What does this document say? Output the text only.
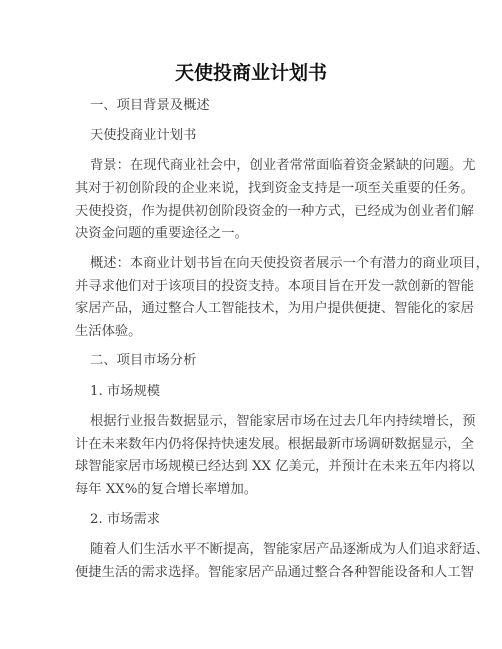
天使投商业计划书
一、项目背景及概述
天使投商业计划书
背景：在现代商业社会中，创业者常常面临着资金紧缺的问题。尤
其对于初创阶段的企业来说，找到资金支持是一项至关重要的任务。
天使投资，作为提供初创阶段资金的一种方式，已经成为创业者们解
决资金问题的重要途径之一。
概述：本商业计划书旨在向天使投资者展示一个有潜力的商业项目，
并寻求他们对于该项目的投资支持。本项目旨在开发一款创新的智能
家居产品，通过整合人工智能技术，为用户提供便捷、智能化的家居
生活体验。
二、项目市场分析
1. 市场规模
根据行业报告数据显示，智能家居市场在过去几年内持续增长，预
计在未来数年内仍将保持快速发展。根据最新市场调研数据显示，全
球智能家居市场规模已经达到 XX 亿美元，并预计在未来五年内将以
每年 XX%的复合增长率增加。
2. 市场需求
随着人们生活水平不断提高，智能家居产品逐渐成为人们追求舒适、
便捷生活的需求选择。智能家居产品通过整合各种智能设备和人工智
